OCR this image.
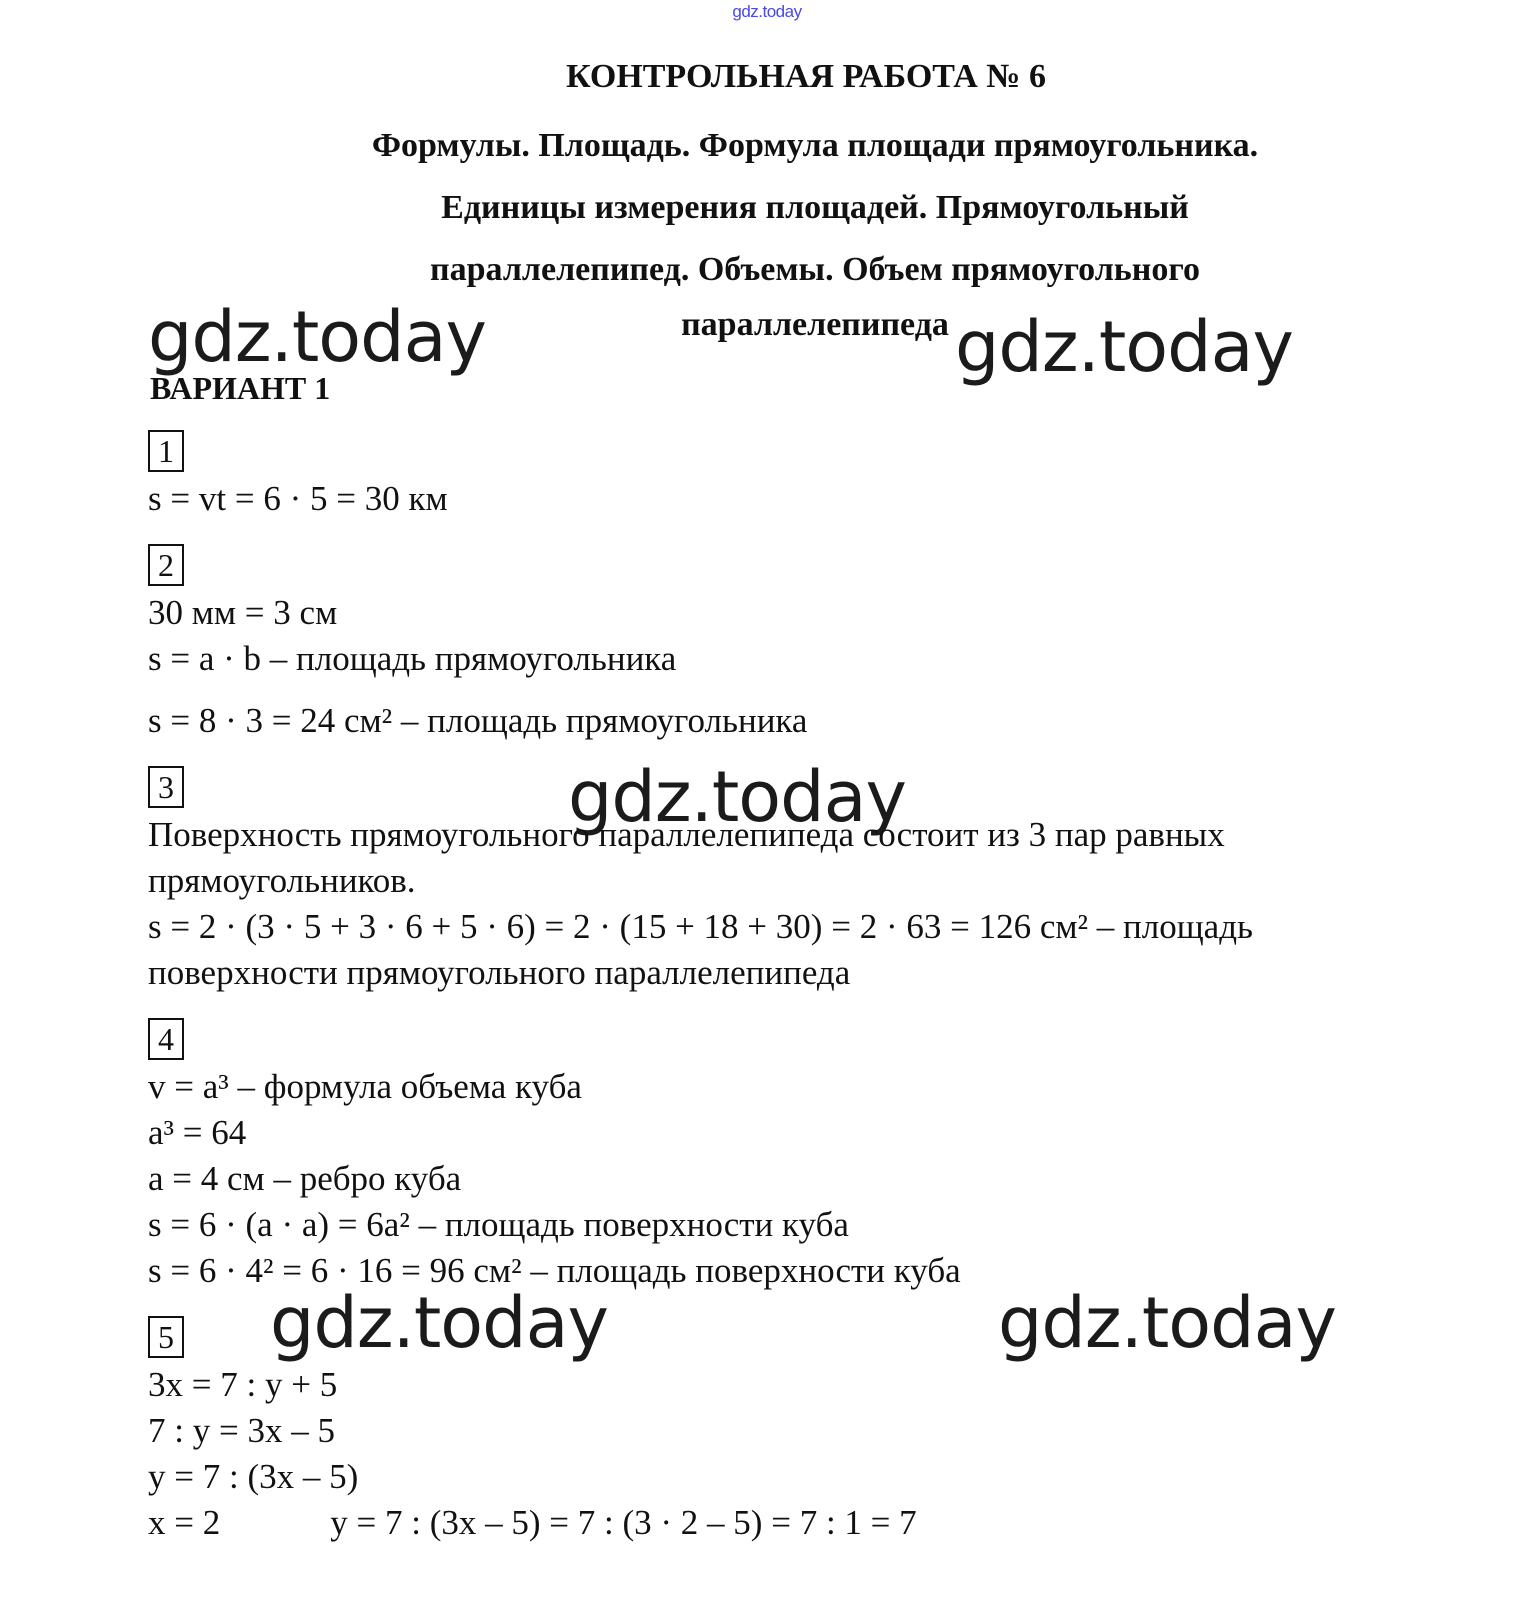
gdz.today
КОНТРОЛЬНАЯ РАБОТА № 6
Формулы. Площадь. Формула площади прямоугольника.
Единицы измерения площадей. Прямоугольный
параллелепипед. Объемы. Объем прямоугольного
параллелепипеда
gdz.today	gdz.today
gdz.today
gdz.today	gdz.today
ВАРИАНТ 1
1
s = vt = 6 · 5 = 30 км
2
30 мм = 3 см
s = a · b – площадь прямоугольника
s = 8 · 3 = 24 см² – площадь прямоугольника
3
Поверхность прямоугольного параллелепипеда состоит из 3 пар равных
прямоугольников.
s = 2 · (3 · 5 + 3 · 6 + 5 · 6) = 2 · (15 + 18 + 30) = 2 · 63 = 126 см² – площадь
поверхности прямоугольного параллелепипеда
4
v = a³ – формула объема куба
a³ = 64
a = 4 см – ребро куба
s = 6 · (a · a) = 6a² – площадь поверхности куба
s = 6 · 4² = 6 · 16 = 96 см² – площадь поверхности куба
5
3x = 7 : y + 5
7 : y = 3x – 5
y = 7 : (3x – 5)
x = 2	y = 7 : (3x – 5) = 7 : (3 · 2 – 5) = 7 : 1 = 7
